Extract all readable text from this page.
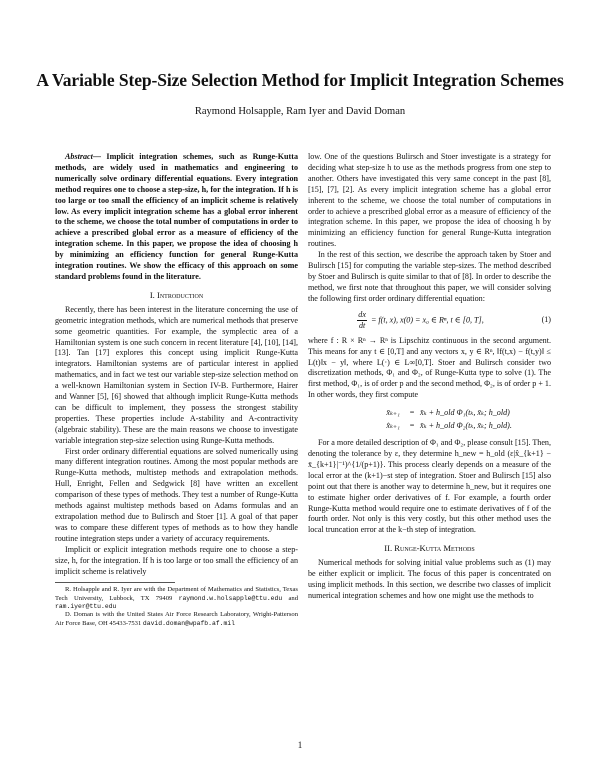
A Variable Step-Size Selection Method for Implicit Integration Schemes
Raymond Holsapple, Ram Iyer and David Doman

Abstract— Implicit integration schemes, such as Runge-Kutta methods, are widely used in mathematics and engineering to numerically solve ordinary differential equations. Every integration method requires one to choose a step-size, h, for the integration. If h is too large or too small the efficiency of an implicit scheme is relatively low. As every implicit integration scheme has a global error inherent to the scheme, we choose the total number of computations in order to achieve a prescribed global error as a measure of efficiency of the integration scheme. In this paper, we propose the idea of choosing h by minimizing an efficiency function for general Runge-Kutta integration routines. We show the efficacy of this approach on some standard problems found in the literature.

I. Introduction

Recently, there has been interest in the literature concerning the use of geometric integration methods, which are numerical methods that preserve some geometric quantities. For example, the symplectic area of a Hamiltonian system is one such concern in recent literature [4], [10], [14], [13]. Tan [17] explores this concept using implicit Runge-Kutta integrators. Hamiltonian systems are of particular interest in applied mathematics, and in fact we test our variable step-size selection method on a well-known Hamiltonian system in Section IV-B. Furthermore, Hairer and Wanner [5], [6] showed that although implicit Runge-Kutta methods can be difficult to implement, they possess the strongest stability properties. These properties include A-stability and A-contractivity (algebraic stability). These are the main reasons we choose to investigate variable integration step-size selection using Runge-Kutta methods.

First order ordinary differential equations are solved numerically using many different integration routines. Among the most popular methods are Runge-Kutta methods, multistep methods and extrapolation methods. Hull, Enright, Fellen and Sedgwick [8] have written an excellent comparison of these types of methods. They test a number of Runge-Kutta methods against multistep methods based on Adams formulas and an extrapolation method due to Bulirsch and Stoer [1]. A goal of that paper was to compare these different types of methods as to how they handle routine integration steps under a variety of accuracy requirements.

Implicit or explicit integration methods require one to choose a step-size, h, for the integration. If h is too large or too small the efficiency of an implicit scheme is relatively

R. Holsapple and R. Iyer are with the Department of Mathematics and Statistics, Texas Tech University, Lubbock, TX 79409 raymond.w.holsapple@ttu.edu and ram.iyer@ttu.edu
D. Doman is with the United States Air Force Research Laboratory, Wright-Patterson Air Force Base, OH 45433-7531 david.doman@wpafb.af.mil

low. One of the questions Bulirsch and Stoer investigate is a strategy for deciding what step-size h to use as the methods progress from one step to another. Others have investigated this very same concept in the past [8], [15], [7], [2]. As every implicit integration scheme has a global error inherent to the scheme, we choose the total number of computations in order to achieve a prescribed global error as a measure of efficiency of the integration scheme. In this paper, we propose the idea of choosing h by minimizing an efficiency function for general Runge-Kutta integration routines.

In the rest of this section, we describe the approach taken by Stoer and Bulirsch [15] for computing the variable step-sizes. The method described by Stoer and Bulirsch is quite similar to that of [8]. In order to describe the method, we first note that throughout this paper, we will consider solving the following first order ordinary differential equation:

$\frac{dx}{dt} = f(t$, x), x(0) = x₀ ∈ Rⁿ, t ∈ [0, T],	(1)

where f : R × Rⁿ → Rⁿ is Lipschitz continuous in the second argument. This means for any t ∈ [0,T] and any vectors x, y ∈ Rⁿ, ‖f(t,x) − f(t,y)‖ ≤ L(t)‖x − y‖, where L(·) ∈ L∞[0,T]. Stoer and Bulirsch consider two discretization methods, Φ₁ and Φ₂, of Runge-Kutta type to solve (1). The first method, Φ₁, is of order p and the second method, Φ₂, is of order p + 1. In other words, they first compute

x̄ₖ₊₁	= x̄ₖ + h_old Φ₁(tₖ, x̄ₖ; h_old)
x̂ₖ₊₁	= x̄ₖ + h_old Φ₂(tₖ, x̄ₖ; h_old).

For a more detailed description of Φ₁ and Φ₂, please consult [15]. Then, denoting the tolerance by ε, they determine h_new = h_old (ε|x̂_{k+1} − x̄_{k+1}|⁻¹)^{1/(p+1)}. This process clearly depends on a measure of the local error at the (k+1)−st step of integration. Stoer and Bulirsch [15] also point out that there is another way to determine h_new, but it requires one to estimate higher order derivatives of f. For example, a fourth order Runge-Kutta method would require one to estimate derivatives of f of the fourth order. Not only is this very costly, but this other method uses the local truncation error at the k−th step of integration.

II. Runge-Kutta Methods

Numerical methods for solving initial value problems such as (1) may be either explicit or implicit. The focus of this paper is concentrated on using implicit methods. In this section, we describe two classes of implicit numerical integration schemes and how one might use the methods to

1
